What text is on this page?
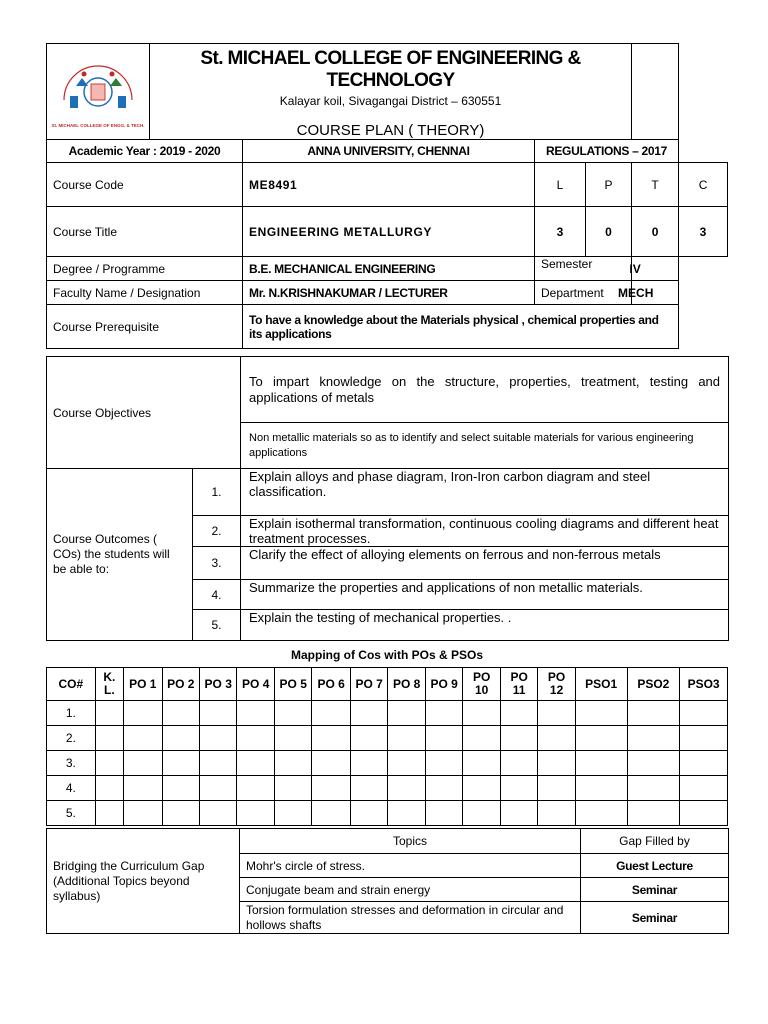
St. MICHAEL COLLEGE OF ENGG. & TECH.	St. MICHAEL COLLEGE OF ENGINEERING & TECHNOLOGY
Kalayar koil, Sivagangai District – 630551
COURSE PLAN ( THEORY)					

Academic Year : 2019 - 2020		ANNA UNIVERSITY, CHENNAI	REGULATIONS – 2017			
Course Code		ME8491	L	P	T	C
Course Title		ENGINEERING METALLURGY	3	0	0	3
Degree / Programme		B.E. MECHANICAL ENGINEERING	Semester		IV	
Faculty Name / Designation		Mr. N.KRISHNAKUMAR / LECTURER	Department		MECH	
Course Prerequisite		To have a knowledge about the Materials physical , chemical properties and its applications				
Course Objectives		To impart knowledge on the structure, properties, treatment, testing and applications of metals
		Non metallic materials so as to identify and select suitable materials for various engineering applications
Course Outcomes ( COs) the students will be able to:	1.	Explain alloys and phase diagram, Iron-Iron carbon diagram and steel classification.
	2.	Explain isothermal transformation, continuous cooling diagrams and different heat treatment processes.
	3.	Clarify the effect of alloying elements on ferrous and non-ferrous metals
	4.	Summarize the properties and applications of non metallic materials.
	5.	Explain the testing of mechanical properties. .
Mapping of Cos with POs & PSOs
CO#	K. L.	PO 1	PO 2	PO 3	PO 4	PO 5	PO 6	PO 7	PO 8	PO 9	PO 10	PO 11	PO 12	PSO1	PSO2	PSO3
1.																
2.																
3.																
4.																
5.																
Bridging the Curriculum Gap (Additional Topics beyond syllabus)	Topics	Gap Filled by
	Mohr's circle of stress.	Guest Lecture
	Conjugate beam and strain energy	Seminar
	Torsion formulation stresses and deformation in circular and hollows shafts	Seminar
